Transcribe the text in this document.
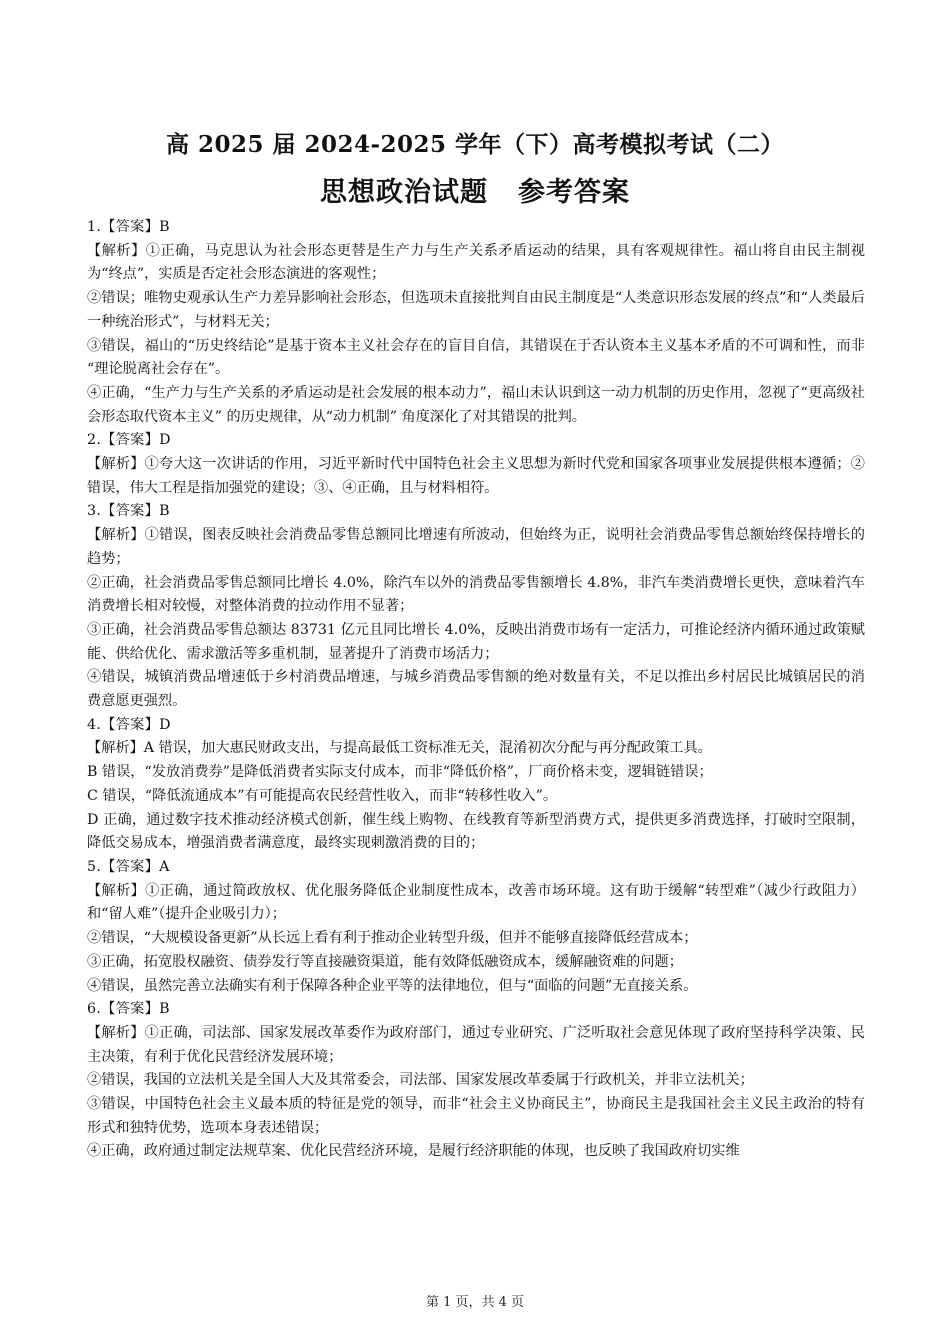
高 2025 届 2024-2025 学年（下）高考模拟考试（二）
思想政治试题 参考答案

1.【答案】B

【解析】①正确，马克思认为社会形态更替是生产力与生产关系矛盾运动的结果，具有客观规律性。福山将自由民主制视为“终点”，实质是否定社会形态演进的客观性；

②错误；唯物史观承认生产力差异影响社会形态，但选项未直接批判自由民主制度是“人类意识形态发展的终点”和“人类最后一种统治形式”，与材料无关；

③错误，福山的“历史终结论”是基于资本主义社会存在的盲目自信，其错误在于否认资本主义基本矛盾的不可调和性，而非 “理论脱离社会存在”。

④正确，“生产力与生产关系的矛盾运动是社会发展的根本动力”，福山未认识到这一动力机制的历史作用，忽视了“更高级社会形态取代资本主义” 的历史规律，从“动力机制” 角度深化了对其错误的批判。

2.【答案】D

【解析】①夸大这一次讲话的作用，习近平新时代中国特色社会主义思想为新时代党和国家各项事业发展提供根本遵循；②错误，伟大工程是指加强党的建设；③、④正确，且与材料相符。

3.【答案】B

【解析】①错误，图表反映社会消费品零售总额同比增速有所波动，但始终为正，说明社会消费品零售总额始终保持增长的趋势；

②正确，社会消费品零售总额同比增长 4.0%，除汽车以外的消费品零售额增长 4.8%，非汽车类消费增长更快，意味着汽车消费增长相对较慢，对整体消费的拉动作用不显著；

③正确，社会消费品零售总额达 83731 亿元且同比增长 4.0%，反映出消费市场有一定活力，可推论经济内循环通过政策赋能、供给优化、需求激活等多重机制，显著提升了消费市场活力；

④错误，城镇消费品增速低于乡村消费品增速，与城乡消费品零售额的绝对数量有关，不足以推出乡村居民比城镇居民的消费意愿更强烈。

4.【答案】D

【解析】A 错误，加大惠民财政支出，与提高最低工资标准无关，混淆初次分配与再分配政策工具。

B 错误，“发放消费券”是降低消费者实际支付成本，而非“降低价格”，厂商价格未变，逻辑链错误；

C 错误，“降低流通成本”有可能提高农民经营性收入，而非“转移性收入”。

D 正确，通过数字技术推动经济模式创新，催生线上购物、在线教育等新型消费方式，提供更多消费选择，打破时空限制，降低交易成本，增强消费者满意度，最终实现刺激消费的目的；

5.【答案】A

【解析】①正确，通过简政放权、优化服务降低企业制度性成本，改善市场环境。这有助于缓解“转型难”（减少行政阻力）和“留人难”（提升企业吸引力）；

②错误，“大规模设备更新”从长远上看有利于推动企业转型升级，但并不能够直接降低经营成本；

③正确，拓宽股权融资、债券发行等直接融资渠道，能有效降低融资成本，缓解融资难的问题；

④错误，虽然完善立法确实有利于保障各种企业平等的法律地位，但与“面临的问题”无直接关系。

6.【答案】B

【解析】①正确，司法部、国家发展改革委作为政府部门，通过专业研究、广泛听取社会意见体现了政府坚持科学决策、民主决策，有利于优化民营经济发展环境；

②错误，我国的立法机关是全国人大及其常委会，司法部、国家发展改革委属于行政机关，并非立法机关；

③错误，中国特色社会主义最本质的特征是党的领导，而非“社会主义协商民主”，协商民主是我国社会主义民主政治的特有形式和独特优势，选项本身表述错误；

④正确，政府通过制定法规草案、优化民营经济环境，是履行经济职能的体现，也反映了我国政府切实维

第 1 页，共 4 页
